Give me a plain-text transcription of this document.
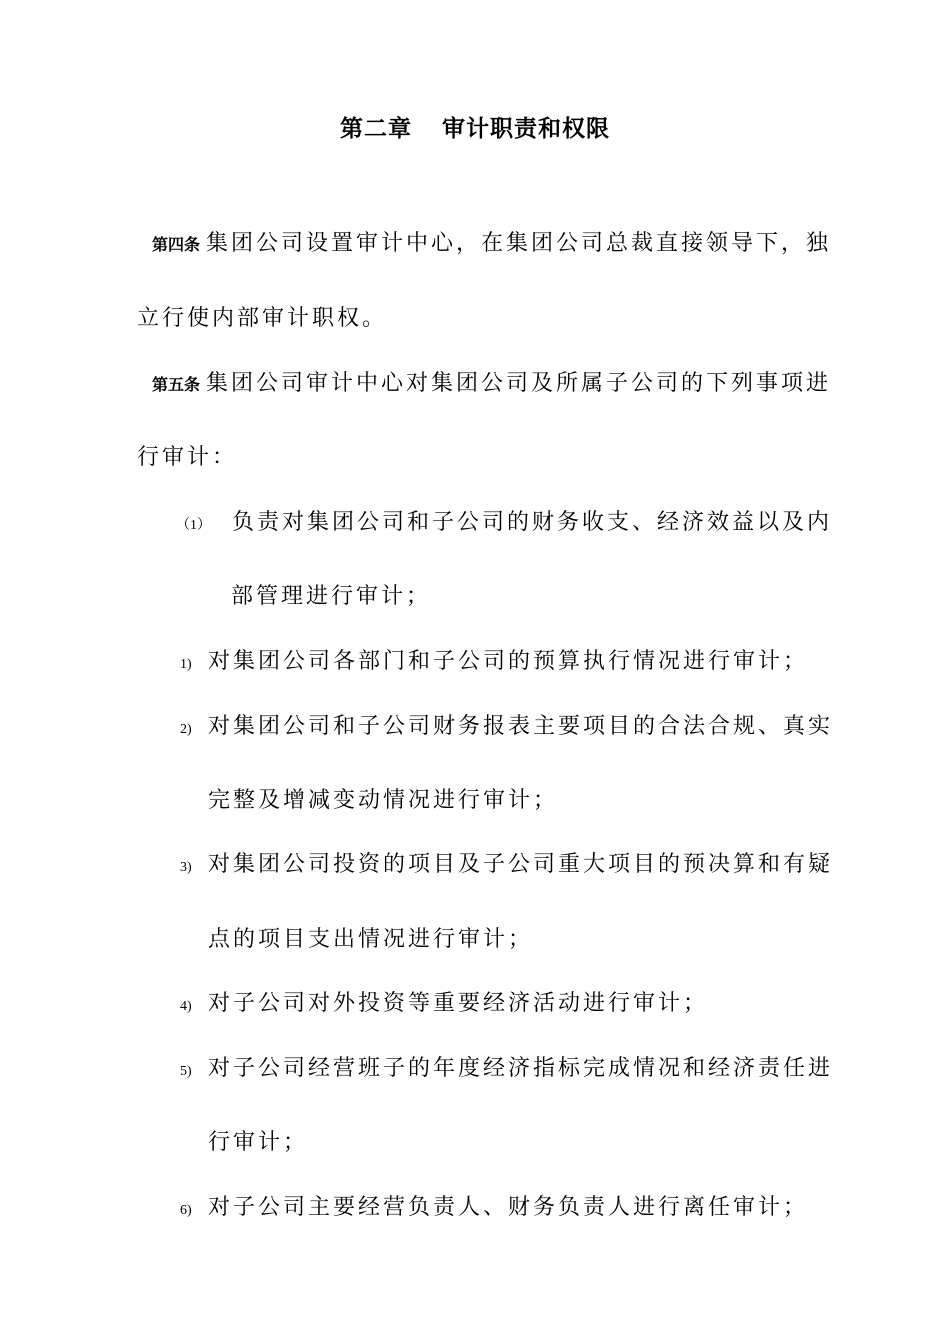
第二章 审计职责和权限
第四条 集团公司设置审计中心，在集团公司总裁直接领导下，独
立行使内部审计职权。
第五条 集团公司审计中心对集团公司及所属子公司的下列事项进
行审计：
（1） 负责对集团公司和子公司的财务收支、经济效益以及内
部管理进行审计；
1) 对集团公司各部门和子公司的预算执行情况进行审计；
2) 对集团公司和子公司财务报表主要项目的合法合规、真实
完整及增减变动情况进行审计；
3) 对集团公司投资的项目及子公司重大项目的预决算和有疑
点的项目支出情况进行审计；
4) 对子公司对外投资等重要经济活动进行审计；
5) 对子公司经营班子的年度经济指标完成情况和经济责任进
行审计；
6) 对子公司主要经营负责人、财务负责人进行离任审计；
